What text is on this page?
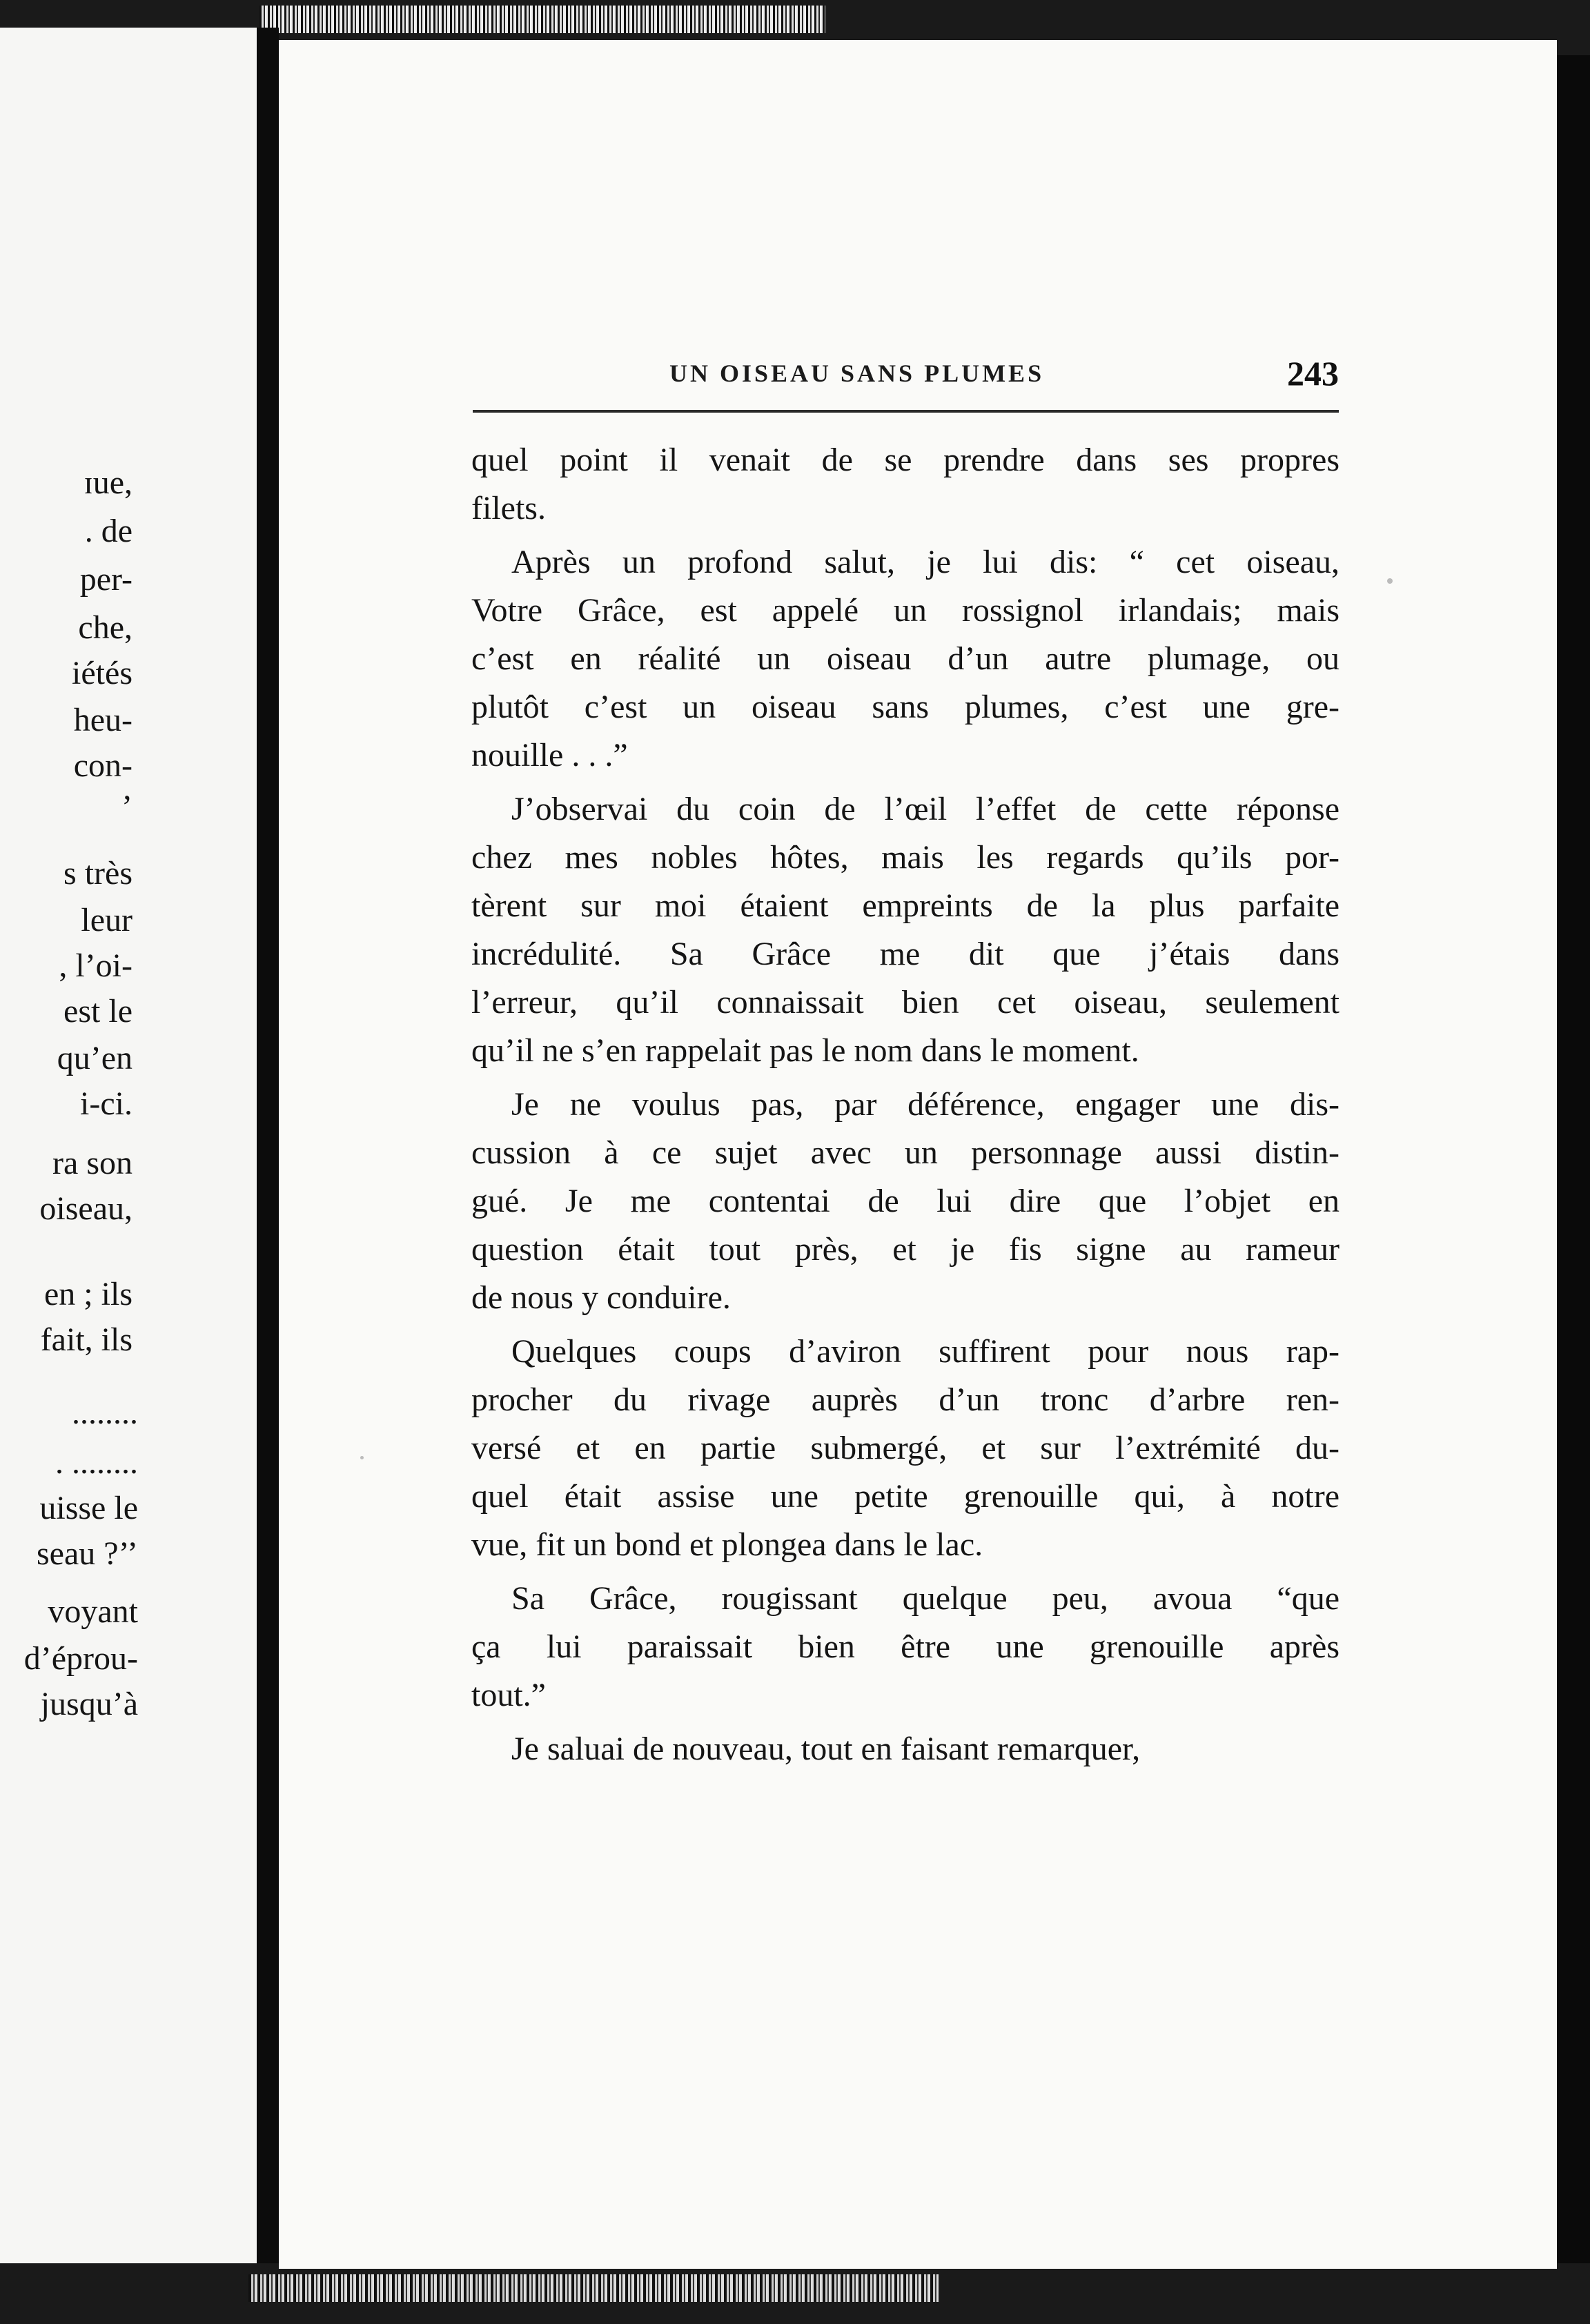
ɪue,
. de
per-
che,
iétés
heu-
con-
’
s très
leur
, l’oi-
est le
qu’en
i-ci.
ra son
oiseau,
en ; ils
fait, ils
........
. ........
uisse le
seau ?’’
voyant
d’éprou-
jusqu’à
UN OISEAU SANS PLUMES	243
quel point il venait de se prendre dans ses propres
filets.
Après un profond salut, je lui dis: “ cet oiseau,
Votre Grâce, est appelé un rossignol irlandais; mais
c’est en réalité un oiseau d’un autre plumage, ou
plutôt c’est un oiseau sans plumes, c’est une gre-
nouille . . .”
J’observai du coin de l’œil l’effet de cette réponse
chez mes nobles hôtes, mais les regards qu’ils por-
tèrent sur moi étaient empreints de la plus parfaite
incrédulité. Sa Grâce me dit que j’étais dans
l’erreur, qu’il connaissait bien cet oiseau, seulement
qu’il ne s’en rappelait pas le nom dans le moment.
Je ne voulus pas, par déférence, engager une dis-
cussion à ce sujet avec un personnage aussi distin-
gué. Je me contentai de lui dire que l’objet en
question était tout près, et je fis signe au rameur
de nous y conduire.
Quelques coups d’aviron suffirent pour nous rap-
procher du rivage auprès d’un tronc d’arbre ren-
versé et en partie submergé, et sur l’extrémité du-
quel était assise une petite grenouille qui, à notre
vue, fit un bond et plongea dans le lac.
Sa Grâce, rougissant quelque peu, avoua “que
ça lui paraissait bien être une grenouille après
tout.”
Je saluai de nouveau, tout en faisant remarquer,
